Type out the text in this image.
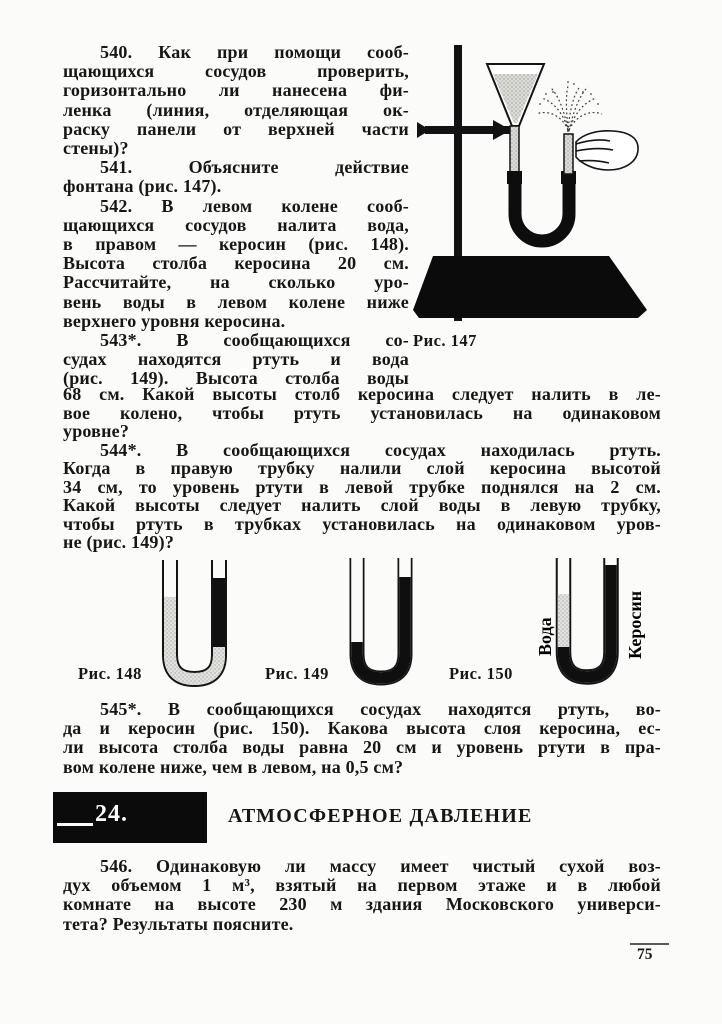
540. Как при помощи сооб-
щающихся сосудов проверить,
горизонтально ли нанесена фи-
ленка (линия, отделяющая ок-
раску панели от верхней части
стены)?
541. Объясните действие
фонтана (рис. 147).
542. В левом колене сооб-
щающихся сосудов налита вода,
в правом — керосин (рис. 148).
Высота столба керосина 20 см.
Рассчитайте, на сколько уро-
вень воды в левом колене ниже
верхнего уровня керосина.
543*. В сообщающихся со-
судах находятся ртуть и вода
(рис. 149). Высота столба воды
Рис. 147
68 см. Какой высоты столб керосина следует налить в ле-
вое колено, чтобы ртуть установилась на одинаковом
уровне?
544*. В сообщающихся сосудах находилась ртуть.
Когда в правую трубку налили слой керосина высотой
34 см, то уровень ртути в левой трубке поднялся на 2 см.
Какой высоты следует налить слой воды в левую трубку,
чтобы ртуть в трубках установилась на одинаковом уров-
не (рис. 149)?
Рис. 148	Рис. 149
Вода	Керосин
Рис. 150
545*. В сообщающихся сосудах находятся ртуть, во-
да и керосин (рис. 150). Какова высота слоя керосина, ес-
ли высота столба воды равна 20 см и уровень ртути в пра-
вом колене ниже, чем в левом, на 0,5 см?
24.	АТМОСФЕРНОЕ ДАВЛЕНИЕ
546. Одинаковую ли массу имеет чистый сухой воз-
дух объемом 1 м³, взятый на первом этаже и в любой
комнате на высоте 230 м здания Московского универси-
тета? Результаты поясните.
75
